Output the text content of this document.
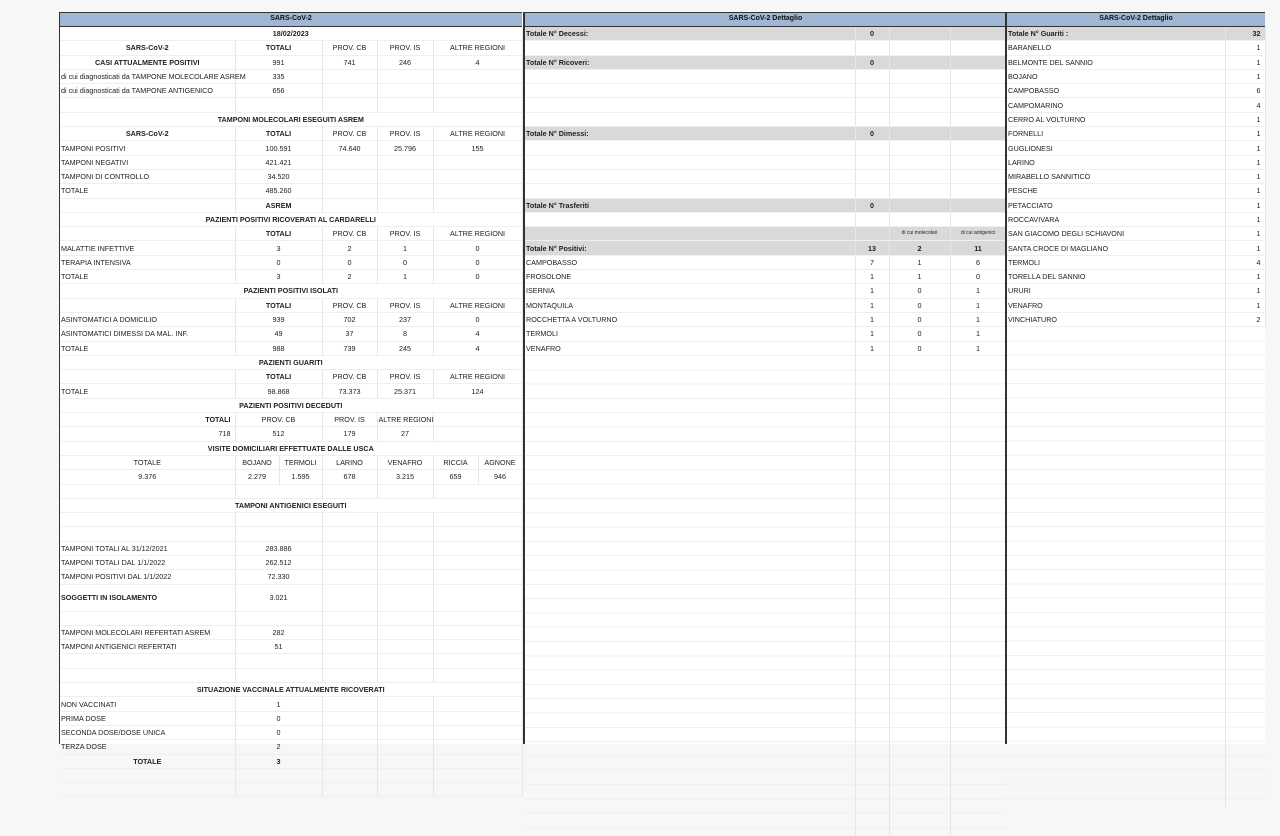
SARS-CoV-2
18/02/2023				
SARS-CoV-2	TOTALI	PROV. CB	PROV. IS	ALTRE REGIONI
CASI ATTUALMENTE POSITIVI	991	741	246	4
di cui diagnosticati da TAMPONE MOLECOLARE ASREM	335			
di cui diagnosticati da TAMPONE ANTIGENICO	656			

TAMPONI MOLECOLARI ESEGUITI ASREM				
SARS-CoV-2	TOTALI	PROV. CB	PROV. IS	ALTRE REGIONI
TAMPONI POSITIVI	100.591	74.640	25.796	155
TAMPONI NEGATIVI	421.421			
TAMPONI DI CONTROLLO	34.520			
TOTALE	485.260			
	ASREM			
PAZIENTI POSITIVI RICOVERATI AL CARDARELLI				
	TOTALI	PROV. CB	PROV. IS	ALTRE REGIONI
MALATTIE INFETTIVE	3	2	1	0
TERAPIA INTENSIVA	0	0	0	0
TOTALE	3	2	1	0
PAZIENTI POSITIVI ISOLATI				
	TOTALI	PROV. CB	PROV. IS	ALTRE REGIONI
ASINTOMATICI A DOMICILIO	939	702	237	0
ASINTOMATICI DIMESSI DA MAL. INF.	49	37	8	4
TOTALE	988	739	245	4
PAZIENTI GUARITI				
	TOTALI	PROV. CB	PROV. IS	ALTRE REGIONI
TOTALE	98.868	73.373	25.371	124
PAZIENTI POSITIVI DECEDUTI				
TOTALI	PROV. CB	PROV. IS	ALTRE REGIONI	
718	512	179	27	
VISITE DOMICILIARI EFFETTUATE DALLE USCA				
TOTALE	BOJANO	TERMOLI	LARINO	VENAFRO	RICCIA	AGNONE
9.376	2.279	1.595	678	3.215	659	946

TAMPONI ANTIGENICI ESEGUITI				

TAMPONI TOTALI AL 31/12/2021	283.886			
TAMPONI TOTALI DAL 1/1/2022	262.512			
TAMPONI POSITIVI DAL 1/1/2022	72.330			
SOGGETTI IN ISOLAMENTO	3.021			

TAMPONI MOLECOLARI REFERTATI ASREM	282			
TAMPONI ANTIGENICI REFERTATI	51			

SITUAZIONE VACCINALE ATTUALMENTE RICOVERATI				
NON VACCINATI	1			
PRIMA DOSE	0			
SECONDA DOSE/DOSE UNICA	0			
TERZA DOSE	2			
TOTALE	3			

SARS-CoV-2 Dettaglio
Totale N° Decessi:	0		

Totale N° Ricoveri:	0		

Totale N° Dimessi:	0		

Totale N° Trasferiti	0		

		di cui molecolari	di cui antigenici
Totale N° Positivi:	13	2	11
CAMPOBASSO	7	1	6
FROSOLONE	1	1	0
ISERNIA	1	0	1
MONTAQUILA	1	0	1
ROCCHETTA A VOLTURNO	1	0	1
TERMOLI	1	0	1
VENAFRO	1	0	1
SARS-CoV-2 Dettaglio
Totale N° Guariti :	32
BARANELLO	1
BELMONTE DEL SANNIO	1
BOJANO	1
CAMPOBASSO	6
CAMPOMARINO	4
CERRO AL VOLTURNO	1
FORNELLI	1
GUGLIONESI	1
LARINO	1
MIRABELLO SANNITICO	1
PESCHE	1
PETACCIATO	1
ROCCAVIVARA	1
SAN GIACOMO DEGLI SCHIAVONI	1
SANTA CROCE DI MAGLIANO	1
TERMOLI	4
TORELLA DEL SANNIO	1
URURI	1
VENAFRO	1
VINCHIATURO	2
